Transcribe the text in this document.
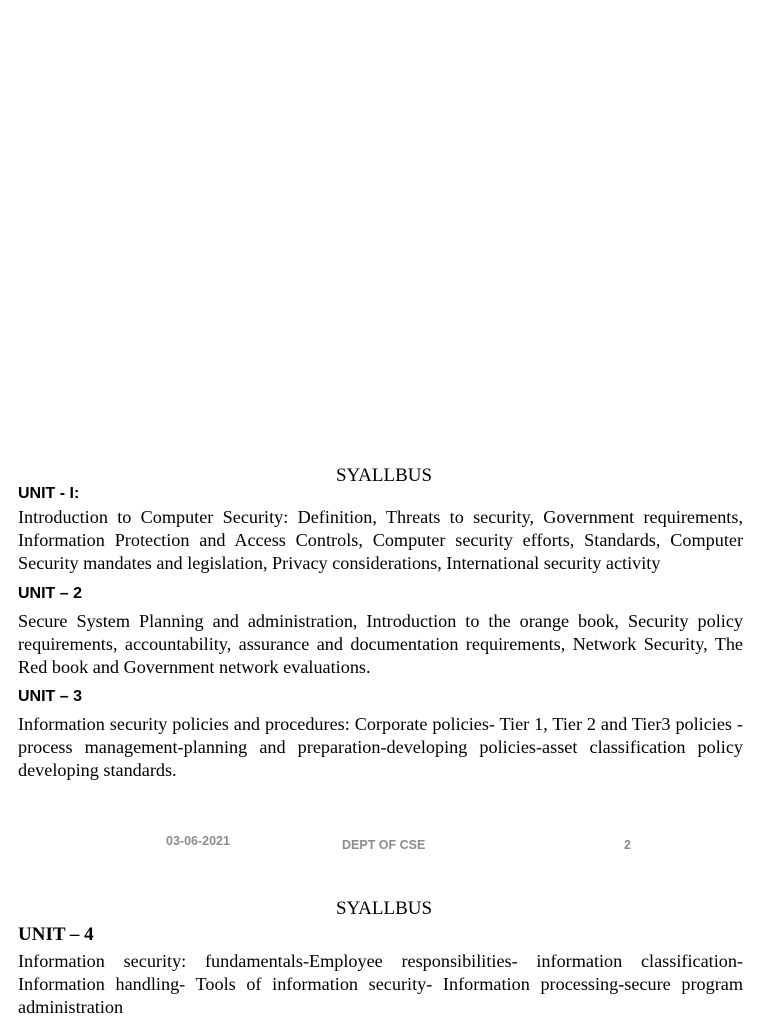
SYALLBUS
UNIT - I:

Introduction to Computer Security: Definition, Threats to security, Government requirements, Information Protection and Access Controls, Computer security efforts, Standards, Computer Security mandates and legislation, Privacy considerations, International security activity

UNIT – 2

Secure System Planning and administration, Introduction to the orange book, Security policy requirements, accountability, assurance and documentation requirements, Network Security, The Red book and Government network evaluations.

UNIT – 3

Information security policies and procedures: Corporate policies- Tier 1, Tier 2 and Tier3 policies - process management-planning and preparation-developing policies-asset classification policy developing standards.

03-06-2021	DEPT OF CSE	2
SYALLBUS
UNIT – 4

Information security: fundamentals-Employee responsibilities- information classification-Information handling- Tools of information security- Information processing-secure program administration
